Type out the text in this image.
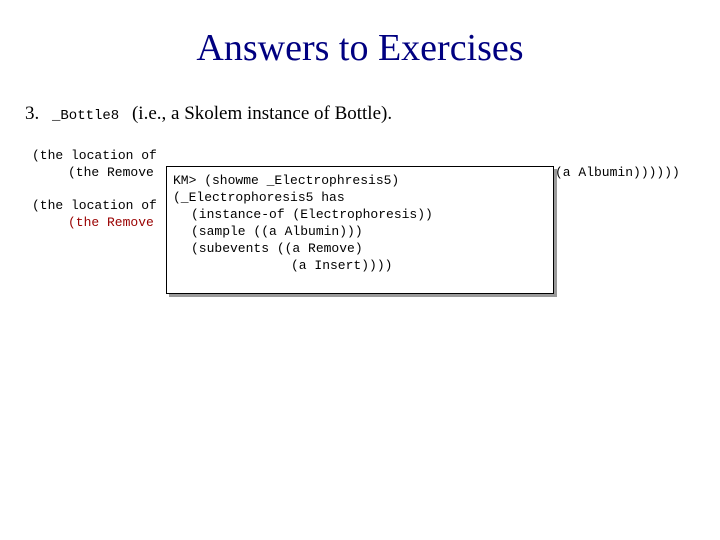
Answers to Exercises
3. _Bottle8 (i.e., a Skolem instance of Bottle).
(the location of
(the Remove	(a Albumin))))))
(the location of
(the Remove
KM> (showme _Electrophresis5)
(_Electrophoresis5 has
(instance-of (Electrophoresis))
(sample ((a Albumin)))
(subevents ((a Remove)
(a Insert))))
